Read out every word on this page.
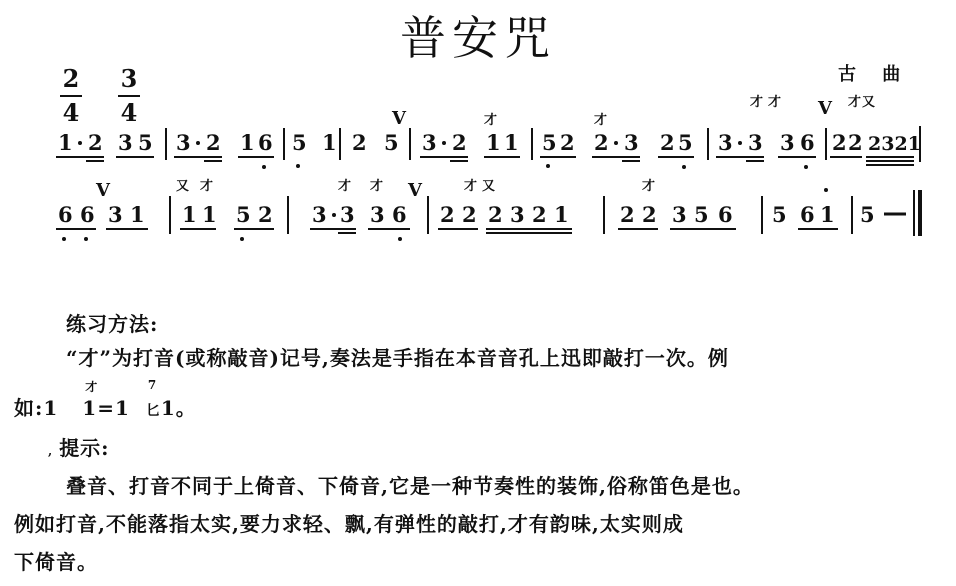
普安咒
古 曲
2
4
3
4
1 2 3 5 3 2 1 6 5 1 2 5
V
3 2
才
1 1 5 2
才
2 3 2 5
才 才
3 3 3 6
V 才 又
2 2 2321
V
6 6 3 1
又 才
1 1 5 2
才 才
3 3 3 6
V	才 又
2 2 2 3 2 1
才
2 2 3 5 6 5 6 1 5
练习方法:
“才”为打音(或称敲音)记号,奏法是手指在本音音孔上迅即敲打一次。例
如:1
才
1=1
7
匕1。
, 提示:
叠音、打音不同于上倚音、下倚音,它是一种节奏性的装饰,俗称笛色是也。
例如打音,不能落指太实,要力求轻、飘,有弹性的敲打,才有韵味,太实则成
下倚音。
